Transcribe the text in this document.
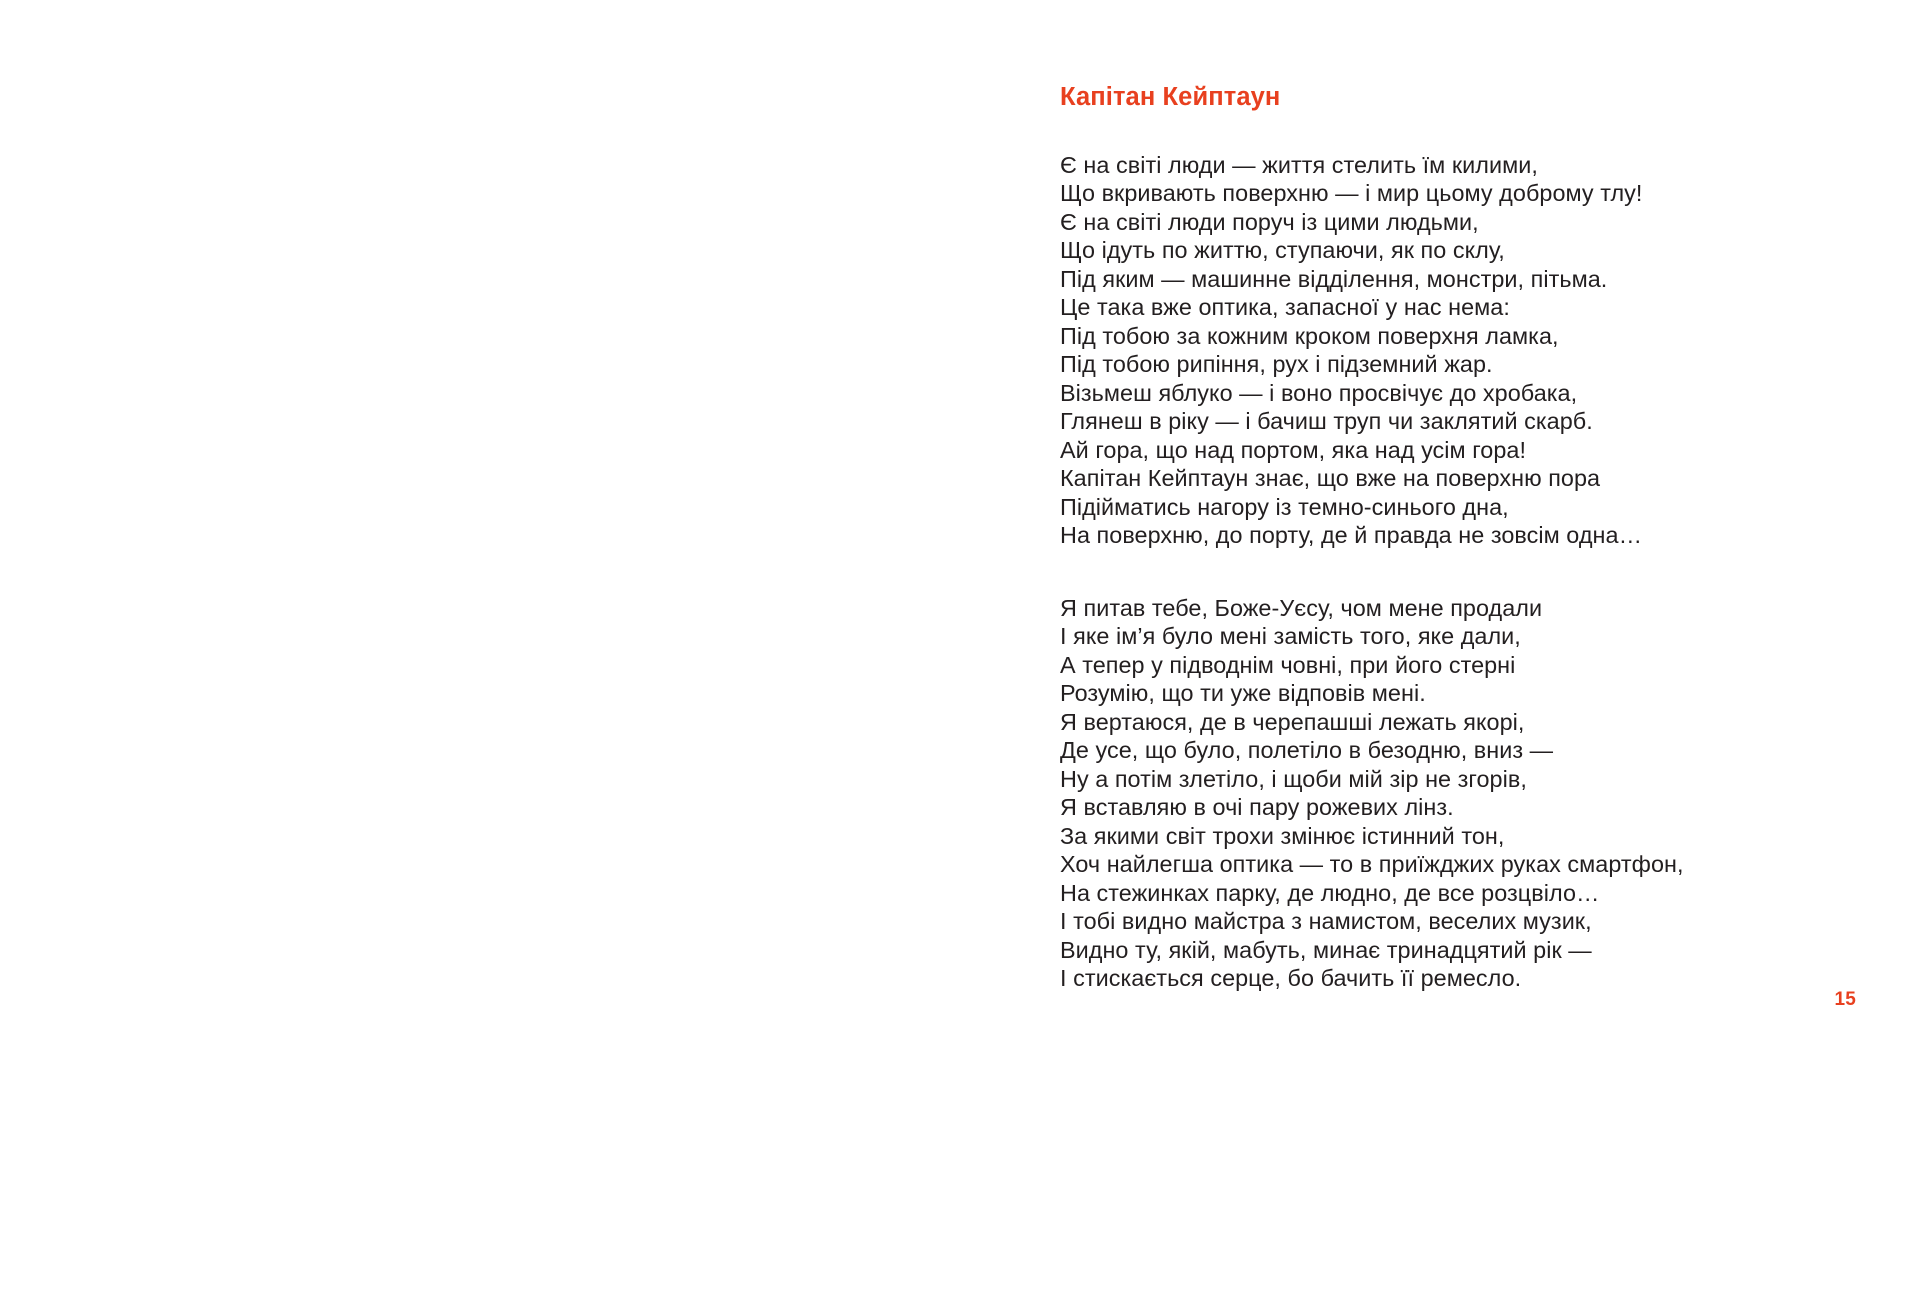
Капітан Кейптаун
Є на світі люди — життя стелить їм килими,
Що вкривають поверхню — і мир цьому доброму тлу!
Є на світі люди поруч із цими людьми,
Що ідуть по життю, ступаючи, як по склу,
Під яким — машинне відділення, монстри, пітьма.
Це така вже оптика, запасної у нас нема:
Під тобою за кожним кроком поверхня ламка,
Під тобою рипіння, рух і підземний жар.
Візьмеш яблуко — і воно просвічує до хробака,
Глянеш в ріку — і бачиш труп чи заклятий скарб.
Ай гора, що над портом, яка над усім гора!
Капітан Кейптаун знає, що вже на поверхню пора
Підійматись нагору із темно-синього дна,
На поверхню, до порту, де й правда не зовсім одна…
Я питав тебе, Боже-Уєсу, чом мене продали
І яке ім’я було мені замість того, яке дали,
А тепер у підводнім човні, при його стерні
Розумію, що ти уже відповів мені.
Я вертаюся, де в черепашші лежать якорі,
Де усе, що було, полетіло в безодню, вниз —
Ну а потім злетіло, і щоби мій зір не згорів,
Я вставляю в очі пару рожевих лінз.
За якими світ трохи змінює істинний тон,
Хоч найлегша оптика — то в приїжджих руках смартфон,
На стежинках парку, де людно, де все розцвіло…
І тобі видно майстра з намистом, веселих музик,
Видно ту, якій, мабуть, минає тринадцятий рік —
І стискається серце, бо бачить її ремесло.
15
